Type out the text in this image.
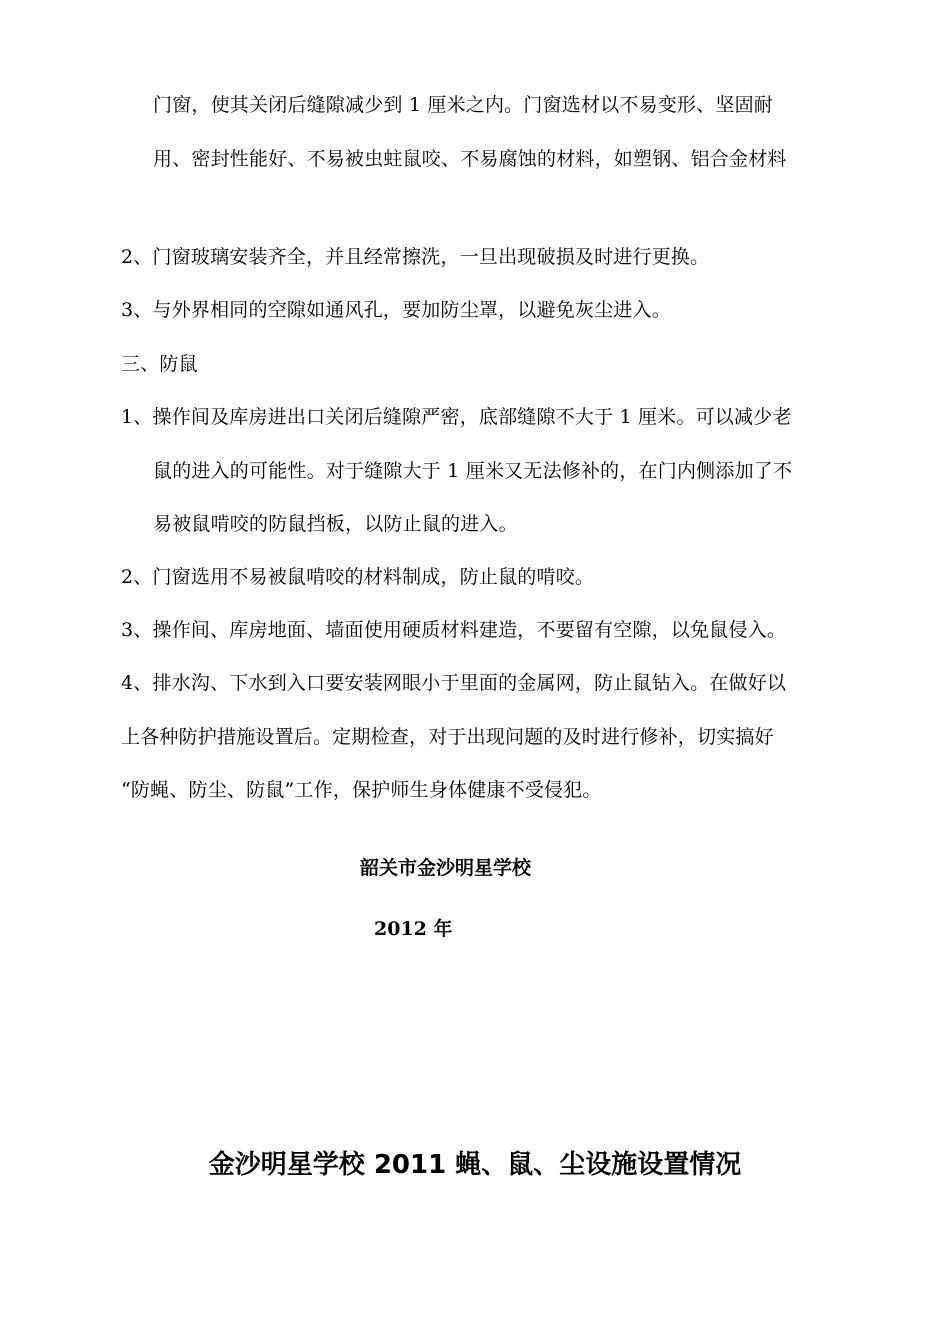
门窗，使其关闭后缝隙减少到 1 厘米之内。门窗选材以不易变形、坚固耐
用、密封性能好、不易被虫蛀鼠咬、不易腐蚀的材料，如塑钢、铝合金材料
2、门窗玻璃安装齐全，并且经常擦洗，一旦出现破损及时进行更换。
3、与外界相同的空隙如通风孔，要加防尘罩，以避免灰尘进入。
三、防鼠
1、操作间及库房进出口关闭后缝隙严密，底部缝隙不大于 1 厘米。可以减少老
鼠的进入的可能性。对于缝隙大于 1 厘米又无法修补的，在门内侧添加了不
易被鼠啃咬的防鼠挡板，以防止鼠的进入。
2、门窗选用不易被鼠啃咬的材料制成，防止鼠的啃咬。
3、操作间、库房地面、墙面使用硬质材料建造，不要留有空隙，以免鼠侵入。
4、排水沟、下水到入口要安装网眼小于里面的金属网，防止鼠钻入。在做好以
上各种防护措施设置后。定期检查，对于出现问题的及时进行修补，切实搞好
“防蝇、防尘、防鼠”工作，保护师生身体健康不受侵犯。
韶关市金沙明星学校
2012 年
金沙明星学校 2011 蝇、鼠、尘设施设置情况
